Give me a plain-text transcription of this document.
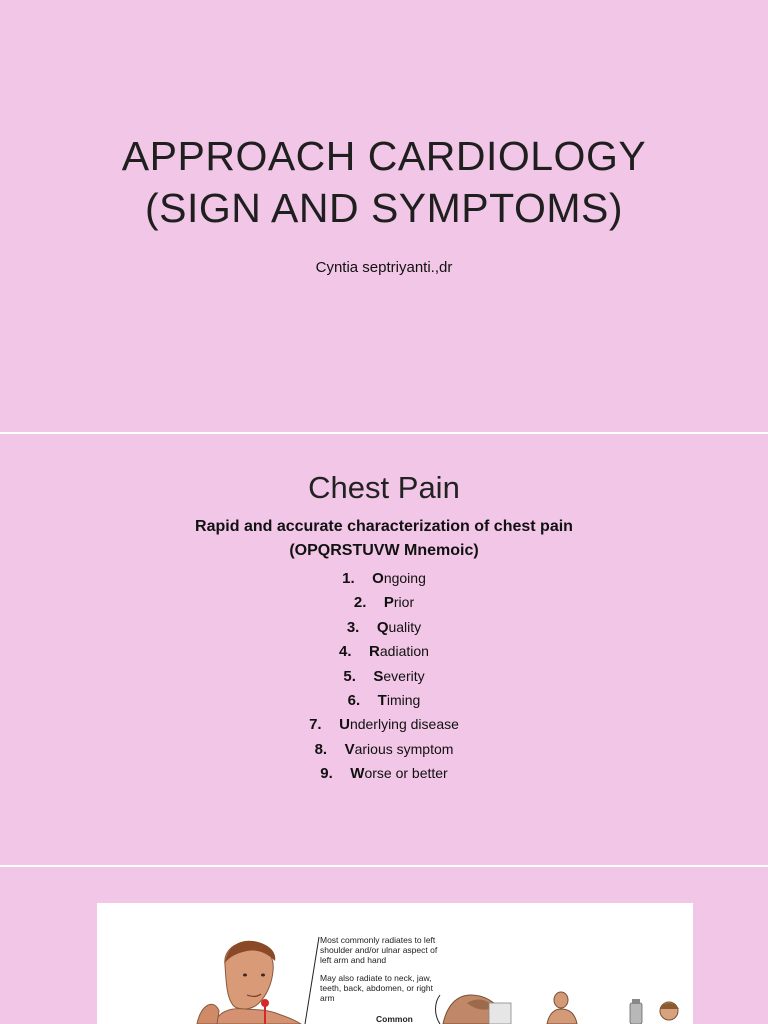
APPROACH CARDIOLOGY
(SIGN AND SYMPTOMS)
Cyntia septriyanti.,dr
Chest Pain
Rapid and accurate characterization of chest pain
(OPQRSTUVW Mnemoic)
1. Ongoing
2. Prior
3. Quality
4. Radiation
5. Severity
6. Timing
7. Underlying disease
8. Various symptom
9. Worse or better
Most commonly radiates to left shoulder and/or ulnar aspect of left arm and hand
May also radiate to neck, jaw, teeth, back, abdomen, or right arm
Common
